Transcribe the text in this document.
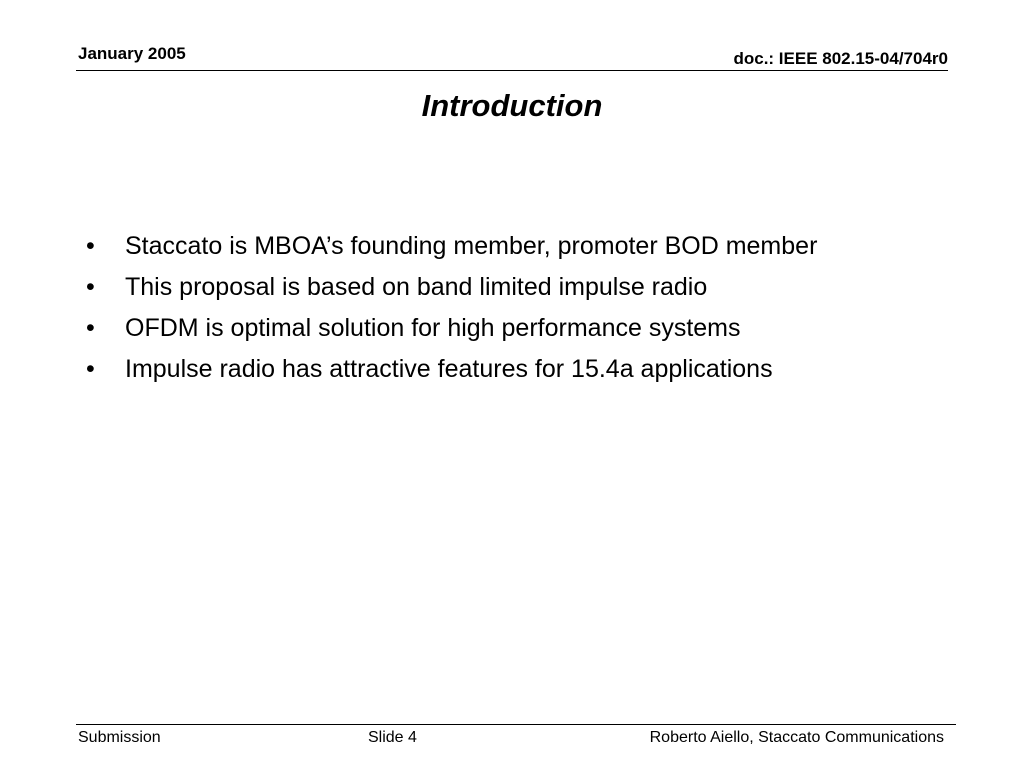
January 2005	doc.: IEEE 802.15-04/704r0
Introduction
•	Staccato is MBOA’s founding member, promoter BOD member
•	This proposal is based on band limited impulse radio
•	OFDM is optimal solution for high performance systems
•	Impulse radio has attractive features for 15.4a applications
Submission	Slide 4	Roberto Aiello, Staccato Communications
